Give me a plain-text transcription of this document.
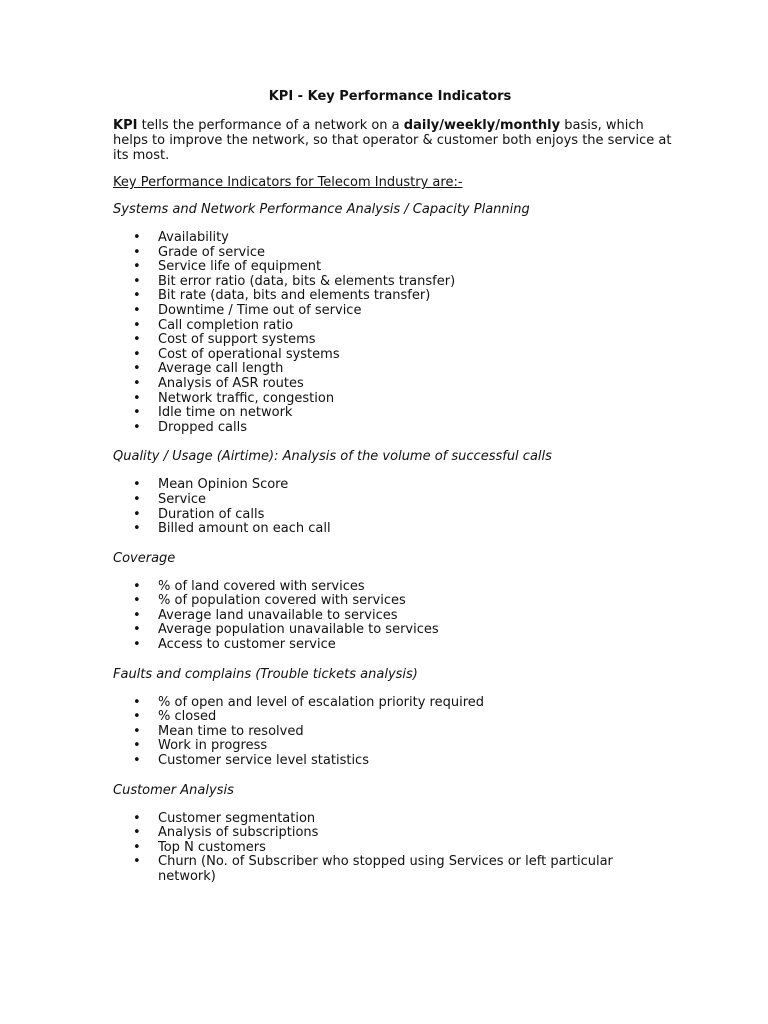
KPI - Key Performance Indicators

KPI tells the performance of a network on a daily/weekly/monthly basis, which helps to improve the network, so that operator & customer both enjoys the service at its most.

Key Performance Indicators for Telecom Industry are:-

Systems and Network Performance Analysis / Capacity Planning

• Availability
• Grade of service
• Service life of equipment
• Bit error ratio (data, bits & elements transfer)
• Bit rate (data, bits and elements transfer)
• Downtime / Time out of service
• Call completion ratio
• Cost of support systems
• Cost of operational systems
• Average call length
• Analysis of ASR routes
• Network traffic, congestion
• Idle time on network
• Dropped calls

Quality / Usage (Airtime): Analysis of the volume of successful calls

• Mean Opinion Score
• Service
• Duration of calls
• Billed amount on each call

Coverage

• % of land covered with services
• % of population covered with services
• Average land unavailable to services
• Average population unavailable to services
• Access to customer service

Faults and complains (Trouble tickets analysis)

• % of open and level of escalation priority required
• % closed
• Mean time to resolved
• Work in progress
• Customer service level statistics

Customer Analysis

• Customer segmentation
• Analysis of subscriptions
• Top N customers
• Churn (No. of Subscriber who stopped using Services or left particular network)
